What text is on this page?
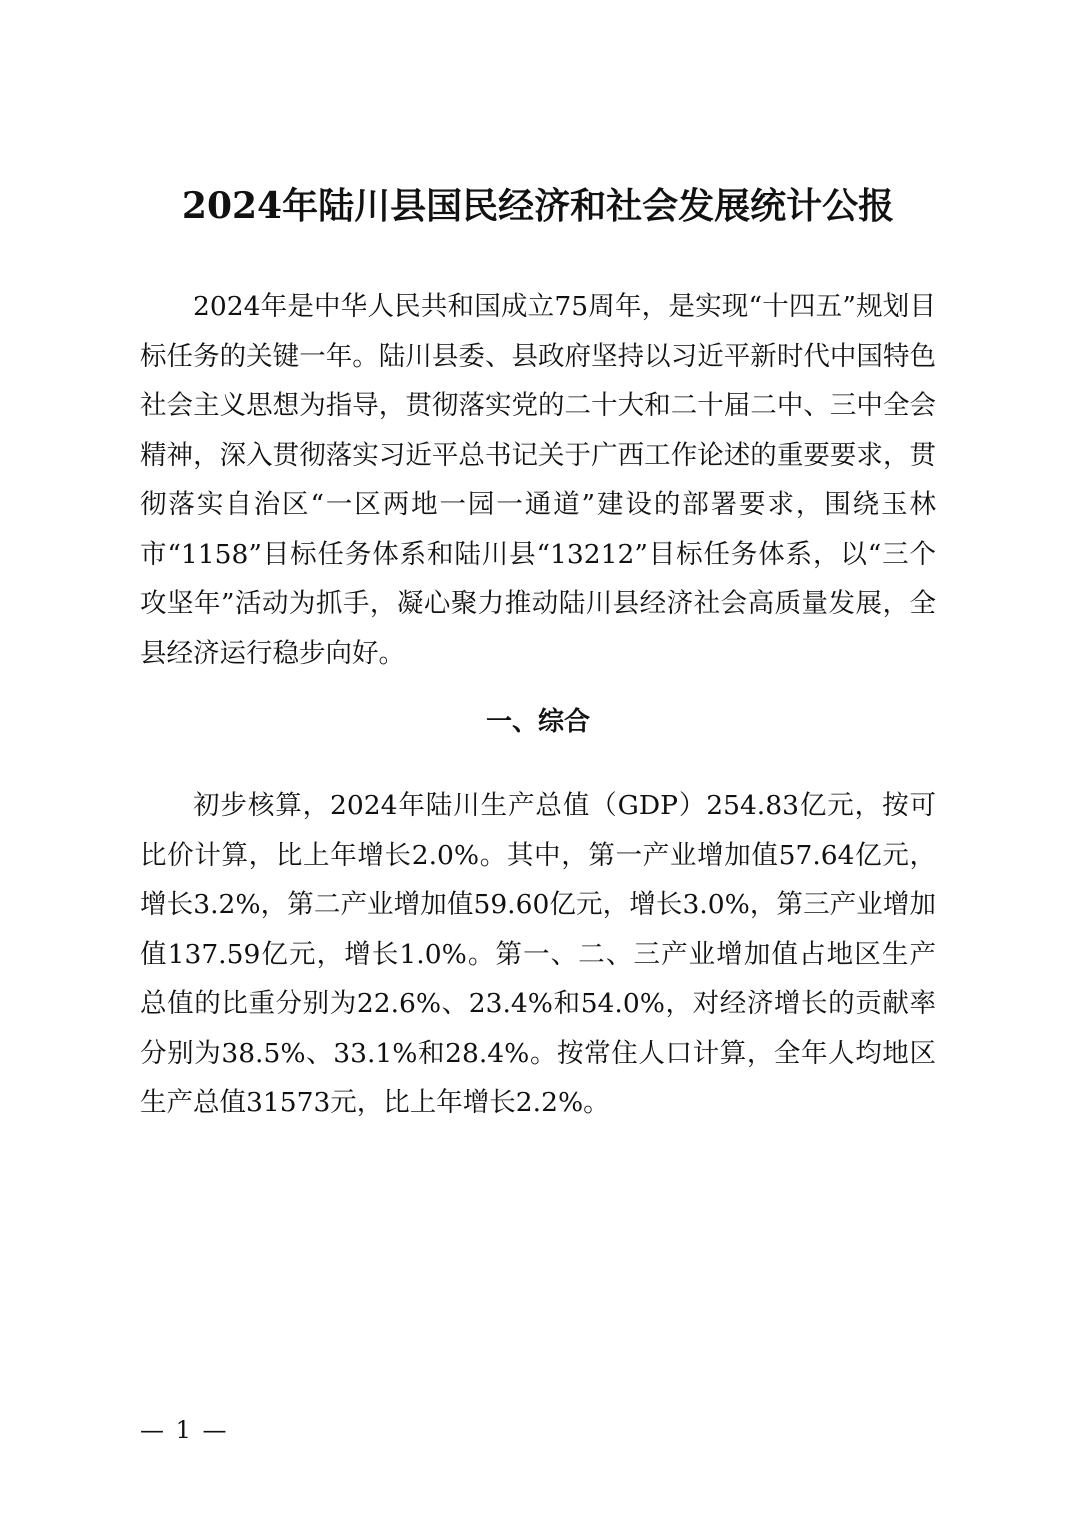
2024年陆川县国民经济和社会发展统计公报

2024年是中华人民共和国成立75周年，是实现“十四五”规划目标任务的关键一年。陆川县委、县政府坚持以习近平新时代中国特色社会主义思想为指导，贯彻落实党的二十大和二十届二中、三中全会精神，深入贯彻落实习近平总书记关于广西工作论述的重要要求，贯彻落实自治区“一区两地一园一通道”建设的部署要求，围绕玉林市“1158”目标任务体系和陆川县“13212”目标任务体系，以“三个攻坚年”活动为抓手，凝心聚力推动陆川县经济社会高质量发展，全县经济运行稳步向好。

一、综合

初步核算，2024年陆川生产总值（GDP）254.83亿元，按可比价计算，比上年增长2.0%。其中，第一产业增加值57.64亿元，增长3.2%，第二产业增加值59.60亿元，增长3.0%，第三产业增加值137.59亿元，增长1.0%。第一、二、三产业增加值占地区生产总值的比重分别为22.6%、23.4%和54.0%，对经济增长的贡献率分别为38.5%、33.1%和28.4%。按常住人口计算，全年人均地区生产总值31573元，比上年增长2.2%。

— 1 —
